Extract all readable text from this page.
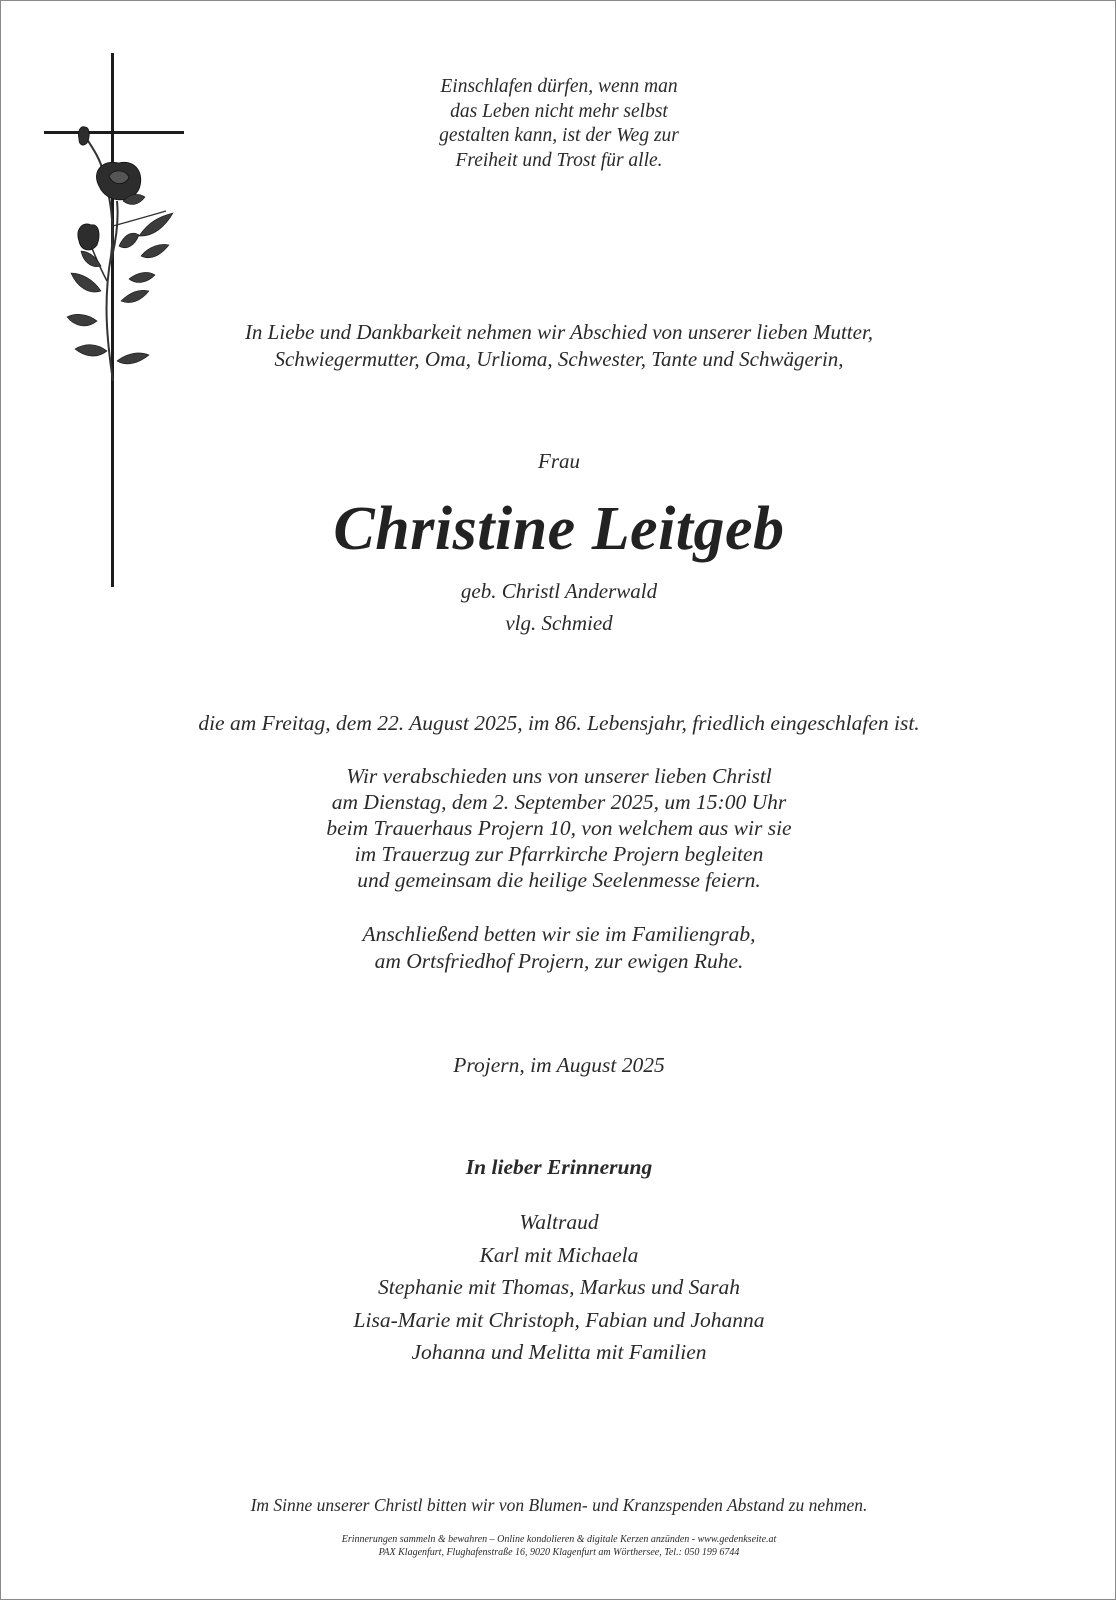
Einschlafen dürfen, wenn man
das Leben nicht mehr selbst
gestalten kann, ist der Weg zur
Freiheit und Trost für alle.
In Liebe und Dankbarkeit nehmen wir Abschied von unserer lieben Mutter,
Schwiegermutter, Oma, Urlioma, Schwester, Tante und Schwägerin,
Frau
Christine Leitgeb
geb. Christl Anderwald
vlg. Schmied
die am Freitag, dem 22. August 2025, im 86. Lebensjahr, friedlich eingeschlafen ist.
Wir verabschieden uns von unserer lieben Christl
am Dienstag, dem 2. September 2025, um 15:00 Uhr
beim Trauerhaus Projern 10, von welchem aus wir sie
im Trauerzug zur Pfarrkirche Projern begleiten
und gemeinsam die heilige Seelenmesse feiern.
Anschließend betten wir sie im Familiengrab,
am Ortsfriedhof Projern, zur ewigen Ruhe.
Projern, im August 2025
In lieber Erinnerung
Waltraud
Karl mit Michaela
Stephanie mit Thomas, Markus und Sarah
Lisa-Marie mit Christoph, Fabian und Johanna
Johanna und Melitta mit Familien
Im Sinne unserer Christl bitten wir von Blumen- und Kranzspenden Abstand zu nehmen.
Erinnerungen sammeln & bewahren – Online kondolieren & digitale Kerzen anzünden - www.gedenkseite.at
PAX Klagenfurt, Flughafenstraße 16, 9020 Klagenfurt am Wörthersee, Tel.: 050 199 6744
